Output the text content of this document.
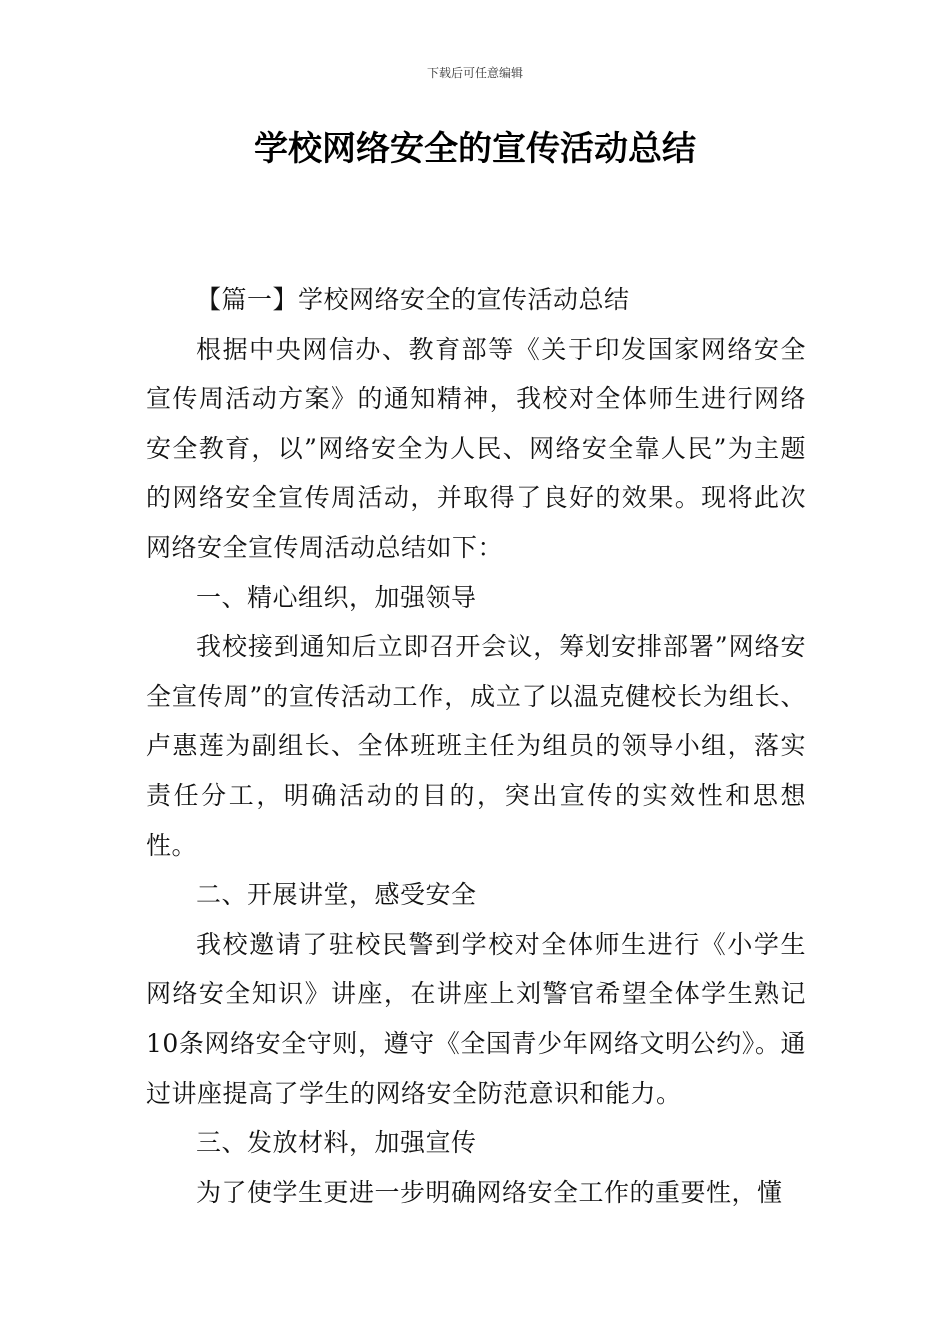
下载后可任意编辑

学校网络安全的宣传活动总结

【篇一】学校网络安全的宣传活动总结

根据中央网信办、教育部等《关于印发国家网络安全宣传周活动方案》的通知精神，我校对全体师生进行网络安全教育，以”网络安全为人民、网络安全靠人民”为主题的网络安全宣传周活动，并取得了良好的效果。现将此次网络安全宣传周活动总结如下：

一、精心组织，加强领导

我校接到通知后立即召开会议，筹划安排部署”网络安全宣传周”的宣传活动工作，成立了以温克健校长为组长、卢惠莲为副组长、全体班班主任为组员的领导小组，落实责任分工，明确活动的目的，突出宣传的实效性和思想性。

二、开展讲堂，感受安全

我校邀请了驻校民警到学校对全体师生进行《小学生网络安全知识》讲座，在讲座上刘警官希望全体学生熟记10条网络安全守则，遵守《全国青少年网络文明公约》。通过讲座提高了学生的网络安全防范意识和能力。

三、发放材料，加强宣传

为了使学生更进一步明确网络安全工作的重要性，懂
